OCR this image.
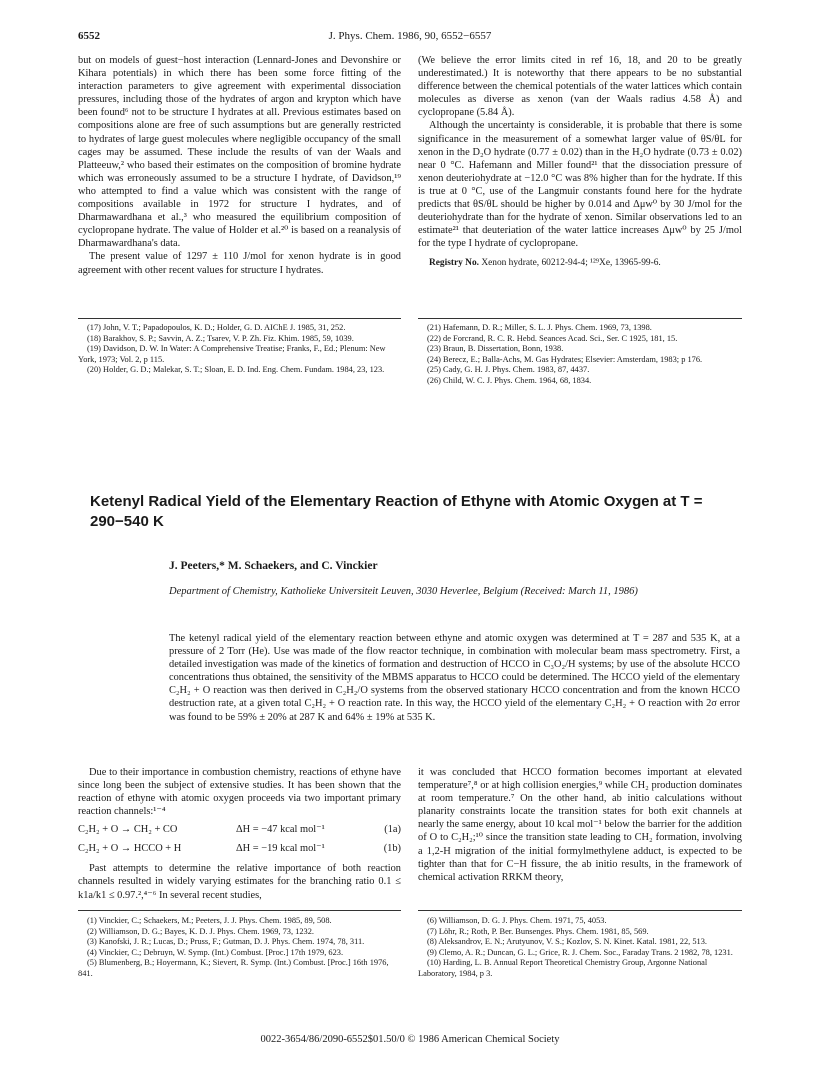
6552	J. Phys. Chem. 1986, 90, 6552−6557

but on models of guest−host interaction (Lennard-Jones and Devonshire or Kihara potentials) in which there has been some force fitting of the interaction parameters to give agreement with experimental dissociation pressures, including those of the hydrates of argon and krypton which have been found⁶ not to be structure I hydrates at all. Previous estimates based on compositions alone are free of such assumptions but are generally restricted to hydrates of large guest molecules where negligible occupancy of the small cages may be assumed. These include the results of van der Waals and Platteeuw,² who based their estimates on the composition of bromine hydrate which was erroneously assumed to be a structure I hydrate, of Davidson,¹⁹ who attempted to find a value which was consistent with the range of compositions available in 1972 for structure I hydrates, and of Dharmawardhana et al.,³ who measured the equilibrium composition of cyclopropane hydrate. The value of Holder et al.²⁰ is based on a reanalysis of Dharmawardhana's data.

The present value of 1297 ± 110 J/mol for xenon hydrate is in good agreement with other recent values for structure I hydrates.

(We believe the error limits cited in ref 16, 18, and 20 to be greatly underestimated.) It is noteworthy that there appears to be no substantial difference between the chemical potentials of the water lattices which contain molecules as diverse as xenon (van der Waals radius 4.58 Å) and cyclopropane (5.84 Å).

Although the uncertainty is considerable, it is probable that there is some significance in the measurement of a somewhat larger value of θS/θL for xenon in the D₂O hydrate (0.77 ± 0.02) than in the H₂O hydrate (0.73 ± 0.02) near 0 °C. Hafemann and Miller found²¹ that the dissociation pressure of xenon deuteriohydrate at −12.0 °C was 8% higher than for the hydrate. If this is true at 0 °C, use of the Langmuir constants found here for the hydrate predicts that θS/θL should be higher by 0.014 and Δμw⁰ by 30 J/mol for the deuteriohydrate than for the hydrate of xenon. Similar observations led to an estimate²¹ that deuteriation of the water lattice increases Δμw⁰ by 25 J/mol for the type I hydrate of cyclopropane.

Registry No. Xenon hydrate, 60212-94-4; ¹²⁹Xe, 13965-99-6.

(17) John, V. T.; Papadopoulos, K. D.; Holder, G. D. AIChE J. 1985, 31, 252.
(18) Barakhov, S. P.; Savvin, A. Z.; Tsarev, V. P. Zh. Fiz. Khim. 1985, 59, 1039.
(19) Davidson, D. W. In Water: A Comprehensive Treatise; Franks, F., Ed.; Plenum: New York, 1973; Vol. 2, p 115.
(20) Holder, G. D.; Malekar, S. T.; Sloan, E. D. Ind. Eng. Chem. Fundam. 1984, 23, 123.
(21) Hafemann, D. R.; Miller, S. L. J. Phys. Chem. 1969, 73, 1398.
(22) de Forcrand, R. C. R. Hebd. Seances Acad. Sci., Ser. C 1925, 181, 15.
(23) Braun, B. Dissertation, Bonn, 1938.
(24) Berecz, E.; Balla-Achs, M. Gas Hydrates; Elsevier: Amsterdam, 1983; p 176.
(25) Cady, G. H. J. Phys. Chem. 1983, 87, 4437.
(26) Child, W. C. J. Phys. Chem. 1964, 68, 1834.
Ketenyl Radical Yield of the Elementary Reaction of Ethyne with Atomic Oxygen at T = 290−540 K
J. Peeters,* M. Schaekers, and C. Vinckier
Department of Chemistry, Katholieke Universiteit Leuven, 3030 Heverlee, Belgium (Received: March 11, 1986)
The ketenyl radical yield of the elementary reaction between ethyne and atomic oxygen was determined at T = 287 and 535 K, at a pressure of 2 Torr (He). Use was made of the flow reactor technique, in combination with molecular beam mass spectrometry. First, a detailed investigation was made of the kinetics of formation and destruction of HCCO in C₃O₂/H systems; by use of the absolute HCCO concentrations thus obtained, the sensitivity of the MBMS apparatus to HCCO could be determined. The HCCO yield of the elementary C₂H₂ + O reaction was then derived in C₂H₂/O systems from the observed stationary HCCO concentration and from the known HCCO destruction rate, at a given total C₂H₂ + O reaction rate. In this way, the HCCO yield of the elementary C₂H₂ + O reaction with 2σ error was found to be 59% ± 20% at 287 K and 64% ± 19% at 535 K.

Due to their importance in combustion chemistry, reactions of ethyne have since long been the subject of extensive studies. It has been shown that the reaction of ethyne with atomic oxygen proceeds via two important primary reaction channels:¹⁻⁴

C₂H₂ + O → CH₂ + CO	ΔH = −47 kcal mol⁻¹	(1a)
C₂H₂ + O → HCCO + H	ΔH = −19 kcal mol⁻¹	(1b)

Past attempts to determine the relative importance of both reaction channels resulted in widely varying estimates for the branching ratio 0.1 ≤ k1a/k1 ≤ 0.97.²,⁴⁻⁶ In several recent studies,

it was concluded that HCCO formation becomes important at elevated temperature⁷,⁸ or at high collision energies,⁹ while CH₂ production dominates at room temperature.⁷ On the other hand, ab initio calculations without planarity constraints locate the transition states for both exit channels at nearly the same energy, about 10 kcal mol⁻¹ below the barrier for the addition of O to C₂H₂;¹⁰ since the transition state leading to CH₂ formation, involving a 1,2-H migration of the initial formylmethylene adduct, is expected to be tighter than that for C−H fissure, the ab initio results, in the framework of chemical activation RRKM theory,

(1) Vinckier, C.; Schaekers, M.; Peeters, J. J. Phys. Chem. 1985, 89, 508.
(2) Williamson, D. G.; Bayes, K. D. J. Phys. Chem. 1969, 73, 1232.
(3) Kanofski, J. R.; Lucas, D.; Pruss, F.; Gutman, D. J. Phys. Chem. 1974, 78, 311.
(4) Vinckier, C.; Debruyn, W. Symp. (Int.) Combust. [Proc.] 17th 1979, 623.
(5) Blumenberg, B.; Hoyermann, K.; Sievert, R. Symp. (Int.) Combust. [Proc.] 16th 1976, 841.
(6) Williamson, D. G. J. Phys. Chem. 1971, 75, 4053.
(7) Löhr, R.; Roth, P. Ber. Bunsenges. Phys. Chem. 1981, 85, 569.
(8) Aleksandrov, E. N.; Arutyunov, V. S.; Kozlov, S. N. Kinet. Katal. 1981, 22, 513.
(9) Clemo, A. R.; Duncan, G. L.; Grice, R. J. Chem. Soc., Faraday Trans. 2 1982, 78, 1231.
(10) Harding, L. B. Annual Report Theoretical Chemistry Group, Argonne National Laboratory, 1984, p 3.
0022-3654/86/2090-6552$01.50/0 © 1986 American Chemical Society
